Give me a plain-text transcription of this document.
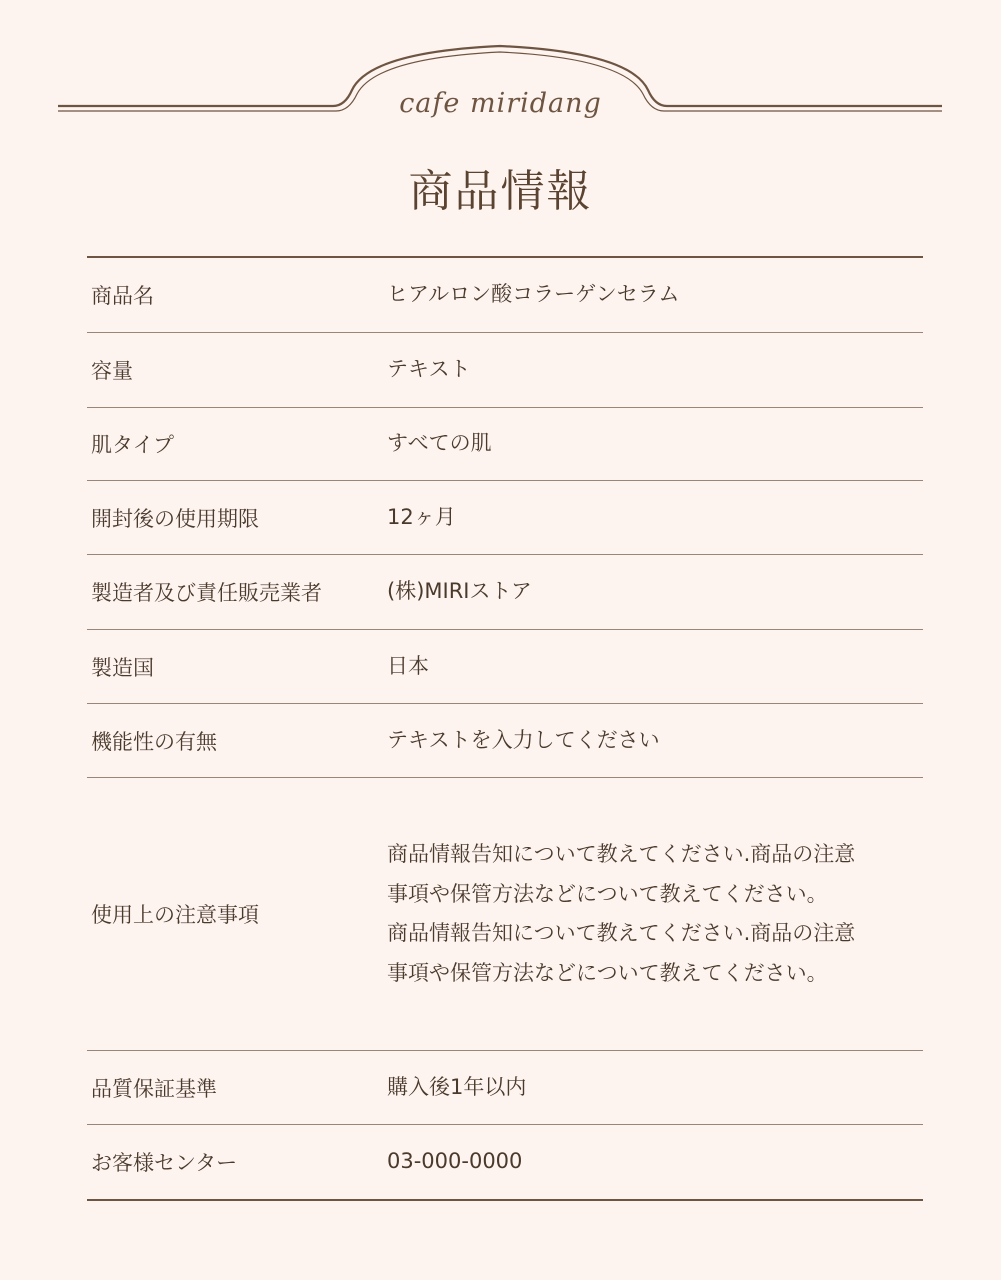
cafe miridang
商品情報
商品名	ヒアルロン酸コラーゲンセラム
容量	テキスト
肌タイプ	すべての肌
開封後の使用期限	12ヶ月
製造者及び責任販売業者	(株)MIRIストア
製造国	日本
機能性の有無	テキストを入力してください
使用上の注意事項
商品情報告知について教えてください.商品の注意
事項や保管方法などについて教えてください。
商品情報告知について教えてください.商品の注意
事項や保管方法などについて教えてください。
品質保証基準	購入後1年以内
お客様センター	03-000-0000
